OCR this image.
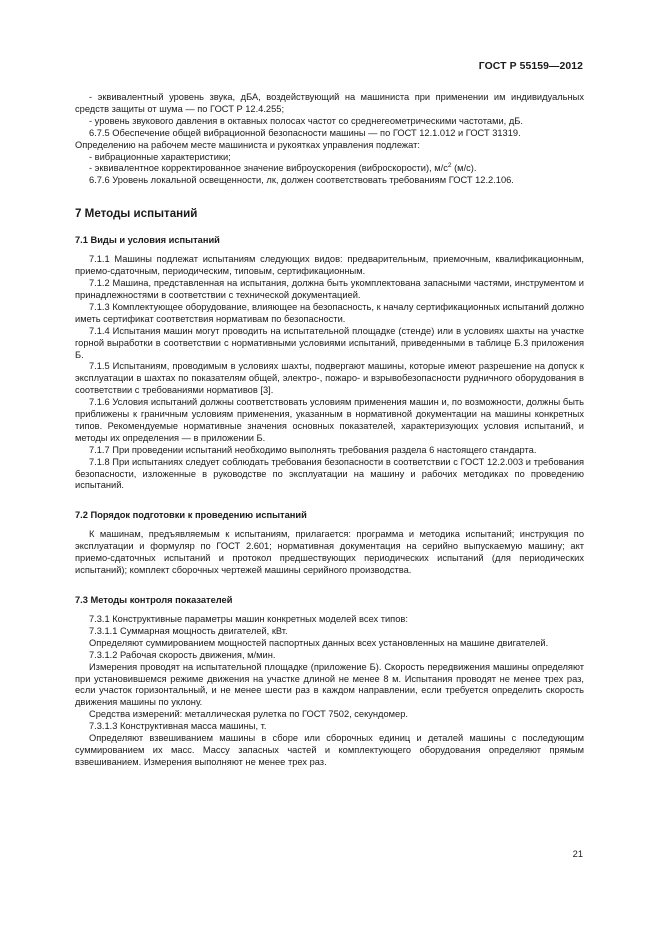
ГОСТ Р 55159—2012

- эквивалентный уровень звука, дБА, воздействующий на машиниста при применении им индивидуальных средств защиты от шума — по ГОСТ Р 12.4.255;

- уровень звукового давления в октавных полосах частот со среднегеометрическими частотами, дБ.

6.7.5 Обеспечение общей вибрационной безопасности машины — по ГОСТ 12.1.012 и ГОСТ 31319.

Определению на рабочем месте машиниста и рукоятках управления подлежат:

- вибрационные характеристики;

- эквивалентное корректированное значение виброускорения (виброскорости), $м/с^2$ (м/с).

6.7.6 Уровень локальной освещенности, лк, должен соответствовать требованиям ГОСТ 12.2.106.

7 Методы испытаний
7.1 Виды и условия испытаний

7.1.1 Машины подлежат испытаниям следующих видов: предварительным, приемочным, квалификационным, приемо-сдаточным, периодическим, типовым, сертификационным.

7.1.2 Машина, представленная на испытания, должна быть укомплектована запасными частями, инструментом и принадлежностями в соответствии с технической документацией.

7.1.3 Комплектующее оборудование, влияющее на безопасность, к началу сертификационных испытаний должно иметь сертификат соответствия нормативам по безопасности.

7.1.4 Испытания машин могут проводить на испытательной площадке (стенде) или в условиях шахты на участке горной выработки в соответствии с нормативными условиями испытаний, приведенными в таблице Б.3 приложения Б.

7.1.5 Испытаниям, проводимым в условиях шахты, подвергают машины, которые имеют разрешение на допуск к эксплуатации в шахтах по показателям общей, электро-, пожаро- и взрывобезопасности рудничного оборудования в соответствии с требованиями нормативов [3].

7.1.6 Условия испытаний должны соответствовать условиям применения машин и, по возможности, должны быть приближены к граничным условиям применения, указанным в нормативной документации на машины конкретных типов. Рекомендуемые нормативные значения основных показателей, характеризующих условия испытаний, и методы их определения — в приложении Б.

7.1.7 При проведении испытаний необходимо выполнять требования раздела 6 настоящего стандарта.

7.1.8 При испытаниях следует соблюдать требования безопасности в соответствии с ГОСТ 12.2.003 и требования безопасности, изложенные в руководстве по эксплуатации на машину и рабочих методиках по проведению испытаний.

7.2 Порядок подготовки к проведению испытаний

К машинам, предъявляемым к испытаниям, прилагается: программа и методика испытаний; инструкция по эксплуатации и формуляр по ГОСТ 2.601; нормативная документация на серийно выпускаемую машину; акт приемо-сдаточных испытаний и протокол предшествующих периодических испытаний (для периодических испытаний); комплект сборочных чертежей машины серийного производства.

7.3 Методы контроля показателей

7.3.1 Конструктивные параметры машин конкретных моделей всех типов:

7.3.1.1 Суммарная мощность двигателей, кВт.

Определяют суммированием мощностей паспортных данных всех установленных на машине двигателей.

7.3.1.2 Рабочая скорость движения, м/мин.

Измерения проводят на испытательной площадке (приложение Б). Скорость передвижения машины определяют при установившемся режиме движения на участке длиной не менее 8 м. Испытания проводят не менее трех раз, если участок горизонтальный, и не менее шести раз в каждом направлении, если требуется определить скорость движения машины по уклону.

Средства измерений: металлическая рулетка по ГОСТ 7502, секундомер.

7.3.1.3 Конструктивная масса машины, т.

Определяют взвешиванием машины в сборе или сборочных единиц и деталей машины с последующим суммированием их масс. Массу запасных частей и комплектующего оборудования определяют прямым взвешиванием. Измерения выполняют не менее трех раз.

21
